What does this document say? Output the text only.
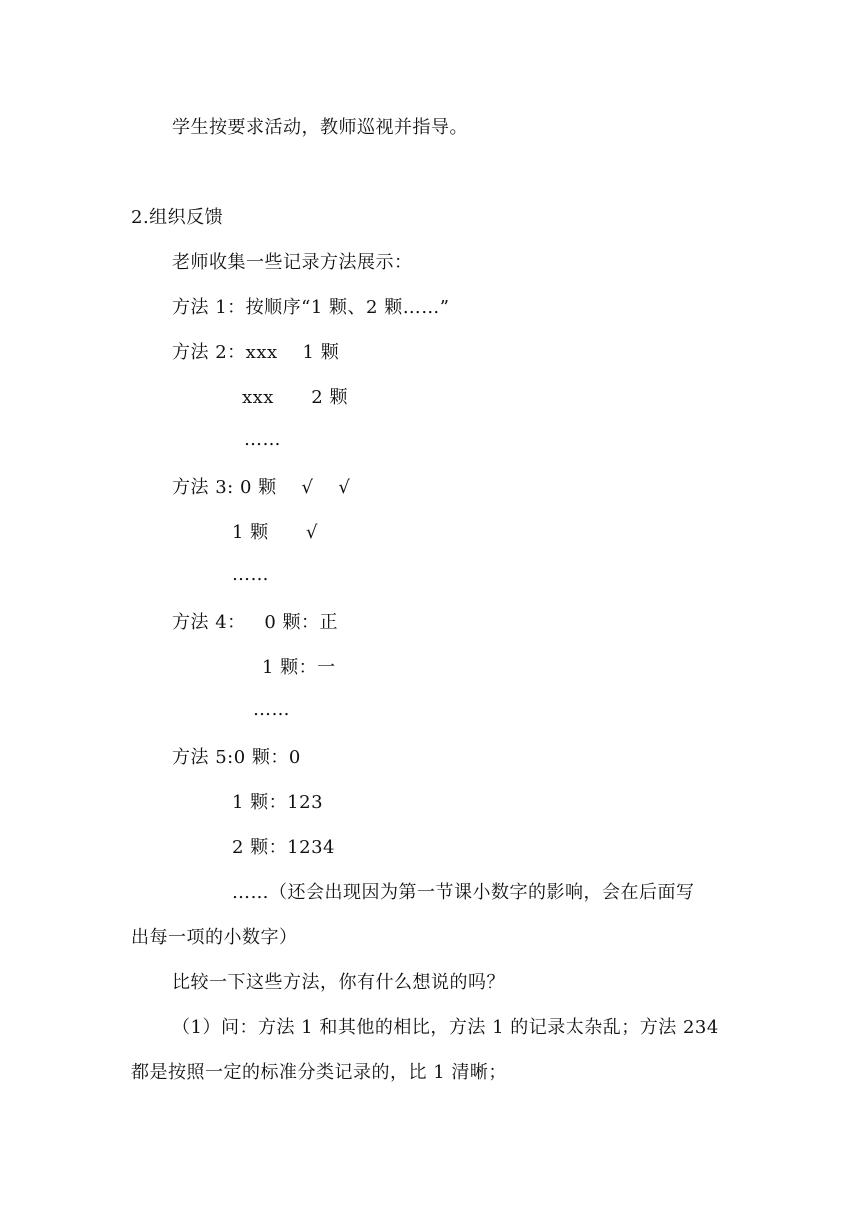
学生按要求活动，教师巡视并指导。
2.组织反馈
老师收集一些记录方法展示：
方法 1：按顺序“1 颗、2 颗……”
方法 2：xxx    1 颗
xxx      2 颗
……
方法 3: 0 颗    √    √
1 颗      √
……
方法 4：   0 颗：正
1 颗：一
……
方法 5:0 颗：0
1 颗：123
2 颗：1234
……（还会出现因为第一节课小数字的影响，会在后面写
出每一项的小数字）
比较一下这些方法，你有什么想说的吗？
（1）问：方法 1 和其他的相比，方法 1 的记录太杂乱；方法 234
都是按照一定的标准分类记录的，比 1 清晰；
